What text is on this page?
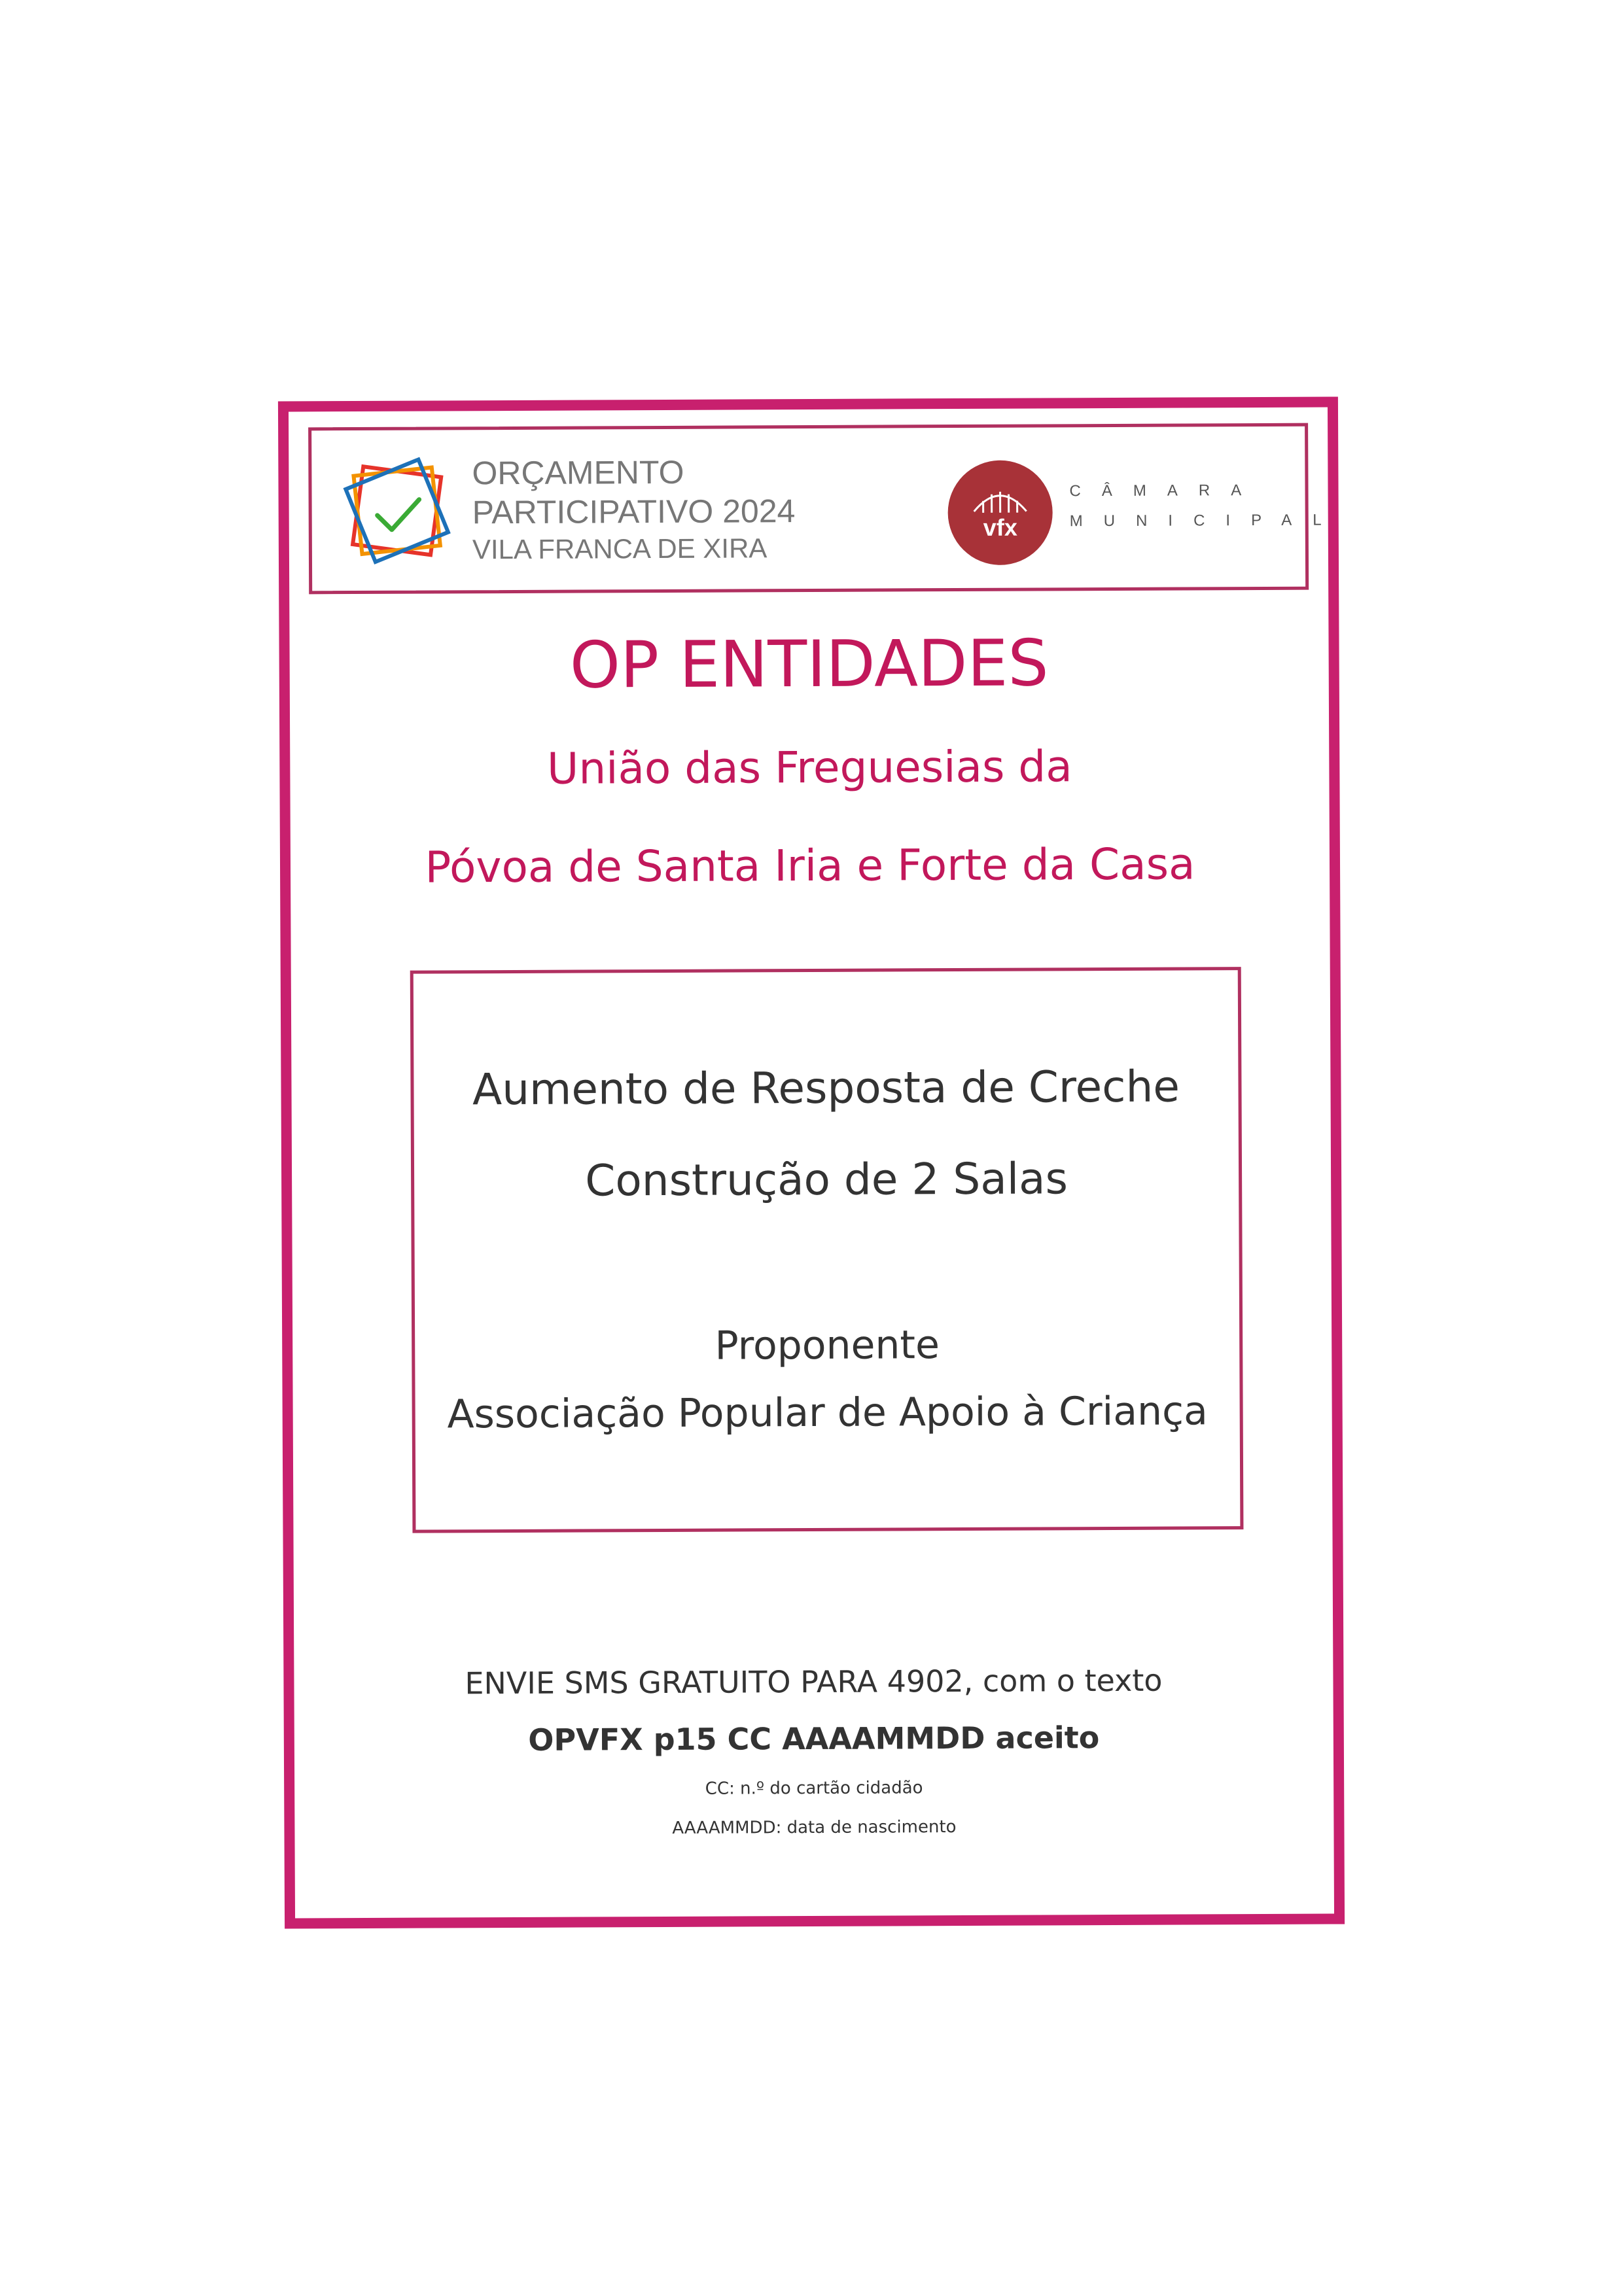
ORÇAMENTO
PARTICIPATIVO 2024
VILA FRANCA DE XIRA
vfx
CÂMARA
MUNICIPAL
OP ENTIDADES
União das Freguesias da
Póvoa de Santa Iria e Forte da Casa
Aumento de Resposta de Creche
Construção de 2 Salas
Proponente
Associação Popular de Apoio à Criança
ENVIE SMS GRATUITO PARA 4902, com o texto
OPVFX p15 CC AAAAMMDD aceito
CC: n.º do cartão cidadão
AAAAMMDD: data de nascimento
